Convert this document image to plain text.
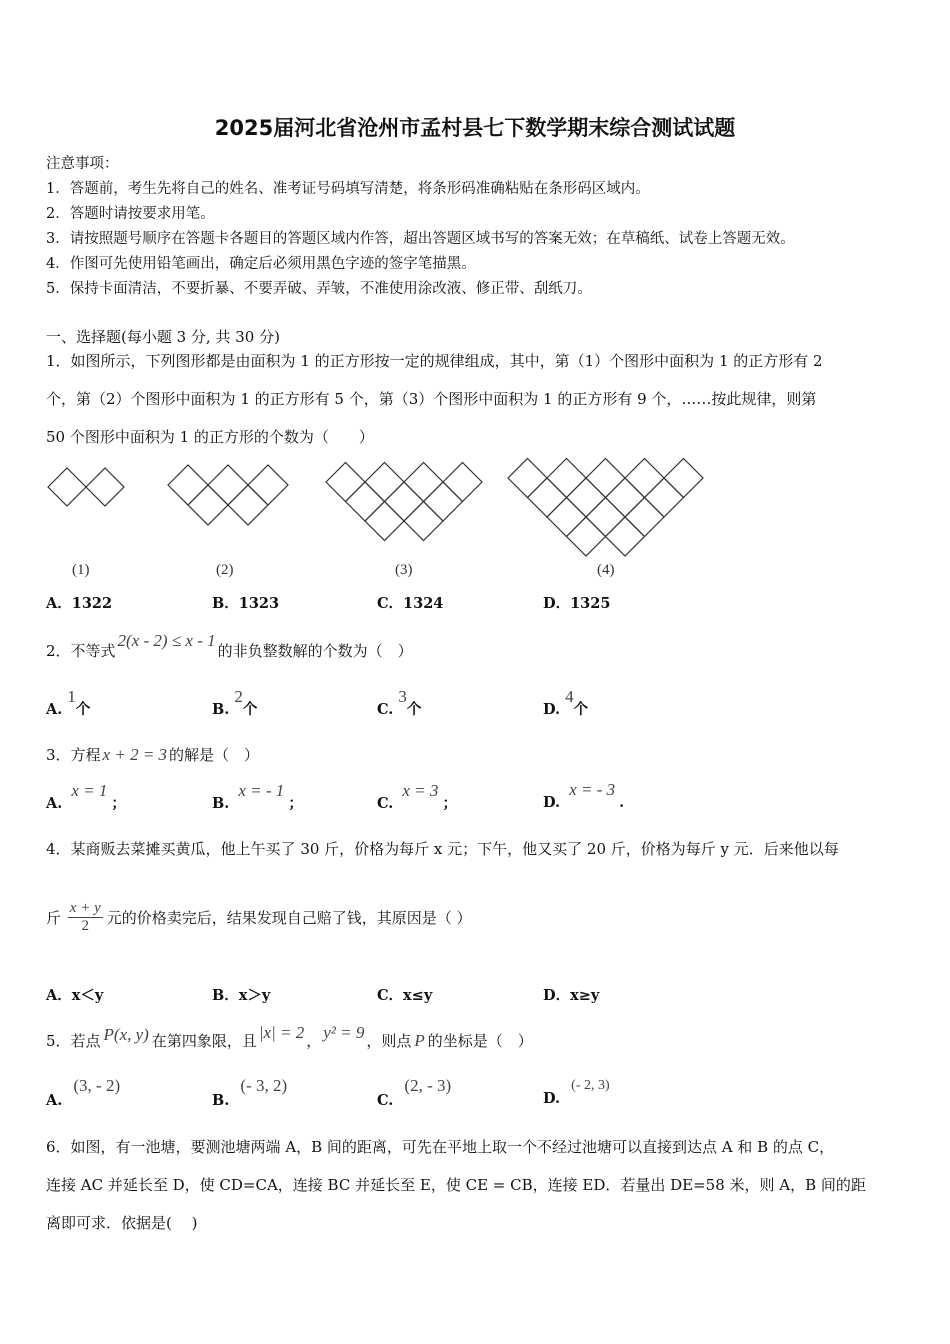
2025届河北省沧州市孟村县七下数学期末综合测试试题
注意事项：
1．答题前，考生先将自己的姓名、准考证号码填写清楚，将条形码准确粘贴在条形码区域内。
2．答题时请按要求用笔。
3．请按照题号顺序在答题卡各题目的答题区域内作答，超出答题区域书写的答案无效；在草稿纸、试卷上答题无效。
4．作图可先使用铅笔画出，确定后必须用黑色字迹的签字笔描黑。
5．保持卡面清洁，不要折暴、不要弄破、弄皱，不准使用涂改液、修正带、刮纸刀。
一、选择题(每小题 3 分, 共 30 分)
1．如图所示，下列图形都是由面积为 1 的正方形按一定的规律组成，其中，第（1）个图形中面积为 1 的正方形有 2
个，第（2）个图形中面积为 1 的正方形有 5 个，第（3）个图形中面积为 1 的正方形有 9 个，……按此规律，则第
50 个图形中面积为 1 的正方形的个数为（　　）
(1)	(2)	(3)	(4)
A．1322	B．1323	C．1324	D．1325
2．不等式2(x - 2) ≤ x - 1的非负整数解的个数为（　）
A. 1个	B. 2个	C. 3个	D. 4个
3．方程 x + 2 = 3 的解是（　）
A. x = 1；	B. x = - 1；	C. x = 3；	D. x = - 3.
4．某商贩去菜摊买黄瓜，他上午买了 30 斤，价格为每斤 x 元；下午，他又买了 20 斤，价格为每斤 y 元．后来他以每
斤 $\frac{x + y}{2}$ 元的价格卖完后，结果发现自己赔了钱，其原因是（ ）
A．x＜y	B．x＞y	C．x≤y	D．x≥y
5．若点 P(x, y) 在第四象限，且 |x| = 2 ， y² = 9 ，则点 P 的坐标是（　）
A. (3, - 2)
B. (- 3, 2)
C. (2, - 3)
D. (- 2, 3)
6．如图，有一池塘，要测池塘两端 A，B 间的距离，可先在平地上取一个不经过池塘可以直接到达点 A 和 B 的点 C，
连接 AC 并延长至 D，使 CD=CA，连接 BC 并延长至 E，使 CE = CB，连接 ED．若量出 DE=58 米，则 A，B 间的距
离即可求．依据是(　 )
